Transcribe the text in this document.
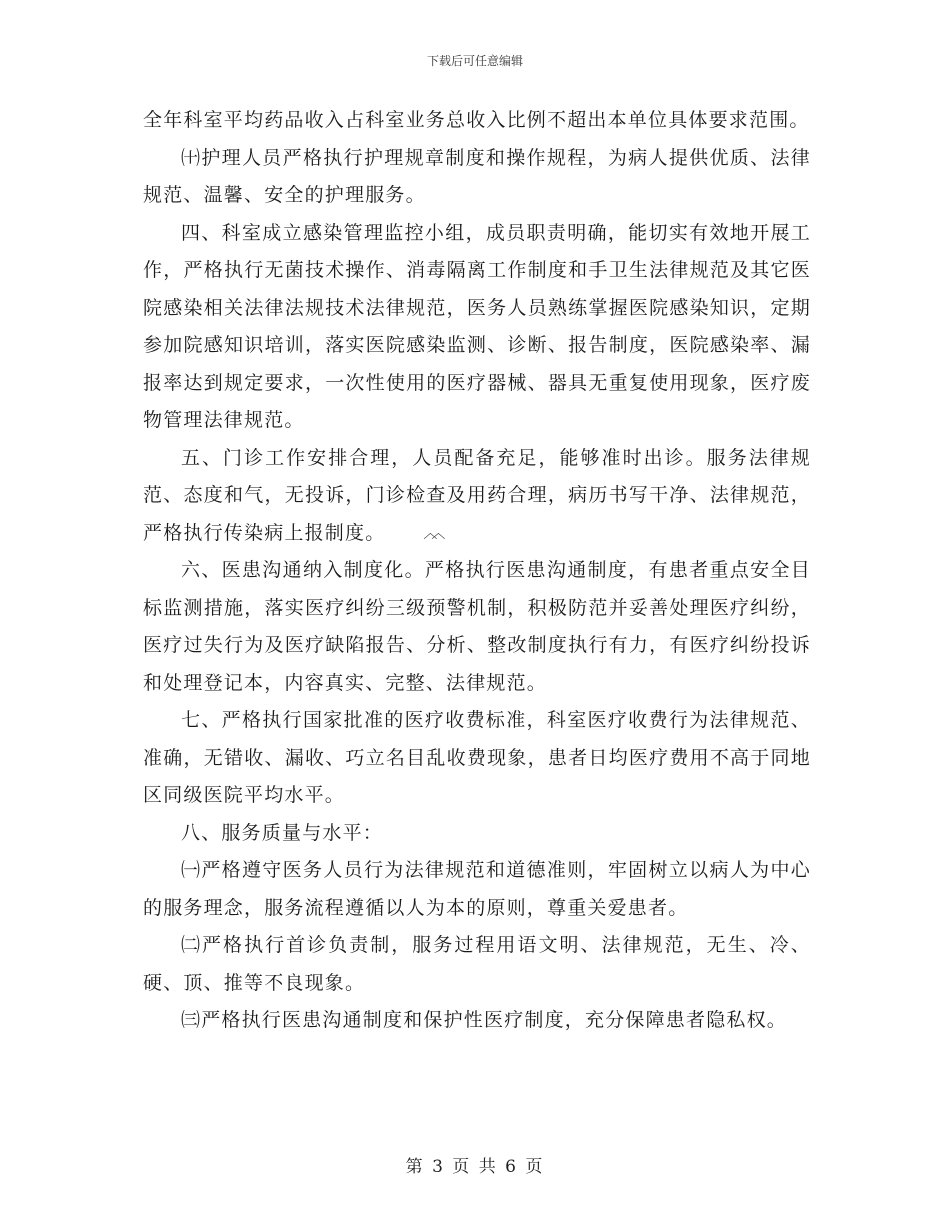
下载后可任意编辑

全年科室平均药品收入占科室业务总收入比例不超出本单位具体要求范围。

㈩护理人员严格执行护理规章制度和操作规程，为病人提供优质、法律规范、温馨、安全的护理服务。

四、科室成立感染管理监控小组，成员职责明确，能切实有效地开展工作，严格执行无菌技术操作、消毒隔离工作制度和手卫生法律规范及其它医院感染相关法律法规技术法律规范，医务人员熟练掌握医院感染知识，定期参加院感知识培训，落实医院感染监测、诊断、报告制度，医院感染率、漏报率达到规定要求，一次性使用的医疗器械、器具无重复使用现象，医疗废物管理法律规范。

五、门诊工作安排合理，人员配备充足，能够准时出诊。服务法律规范、态度和气，无投诉，门诊检查及用药合理，病历书写干净、法律规范，严格执行传染病上报制度。	︿︿

六、医患沟通纳入制度化。严格执行医患沟通制度，有患者重点安全目标监测措施，落实医疗纠纷三级预警机制，积极防范并妥善处理医疗纠纷，医疗过失行为及医疗缺陷报告、分析、整改制度执行有力，有医疗纠纷投诉和处理登记本，内容真实、完整、法律规范。

七、严格执行国家批准的医疗收费标准，科室医疗收费行为法律规范、准确，无错收、漏收、巧立名目乱收费现象，患者日均医疗费用不高于同地区同级医院平均水平。

八、服务质量与水平：

㈠严格遵守医务人员行为法律规范和道德准则，牢固树立以病人为中心的服务理念，服务流程遵循以人为本的原则，尊重关爱患者。

㈡严格执行首诊负责制，服务过程用语文明、法律规范，无生、冷、硬、顶、推等不良现象。

㈢严格执行医患沟通制度和保护性医疗制度，充分保障患者隐私权。

第 3 页 共 6 页
